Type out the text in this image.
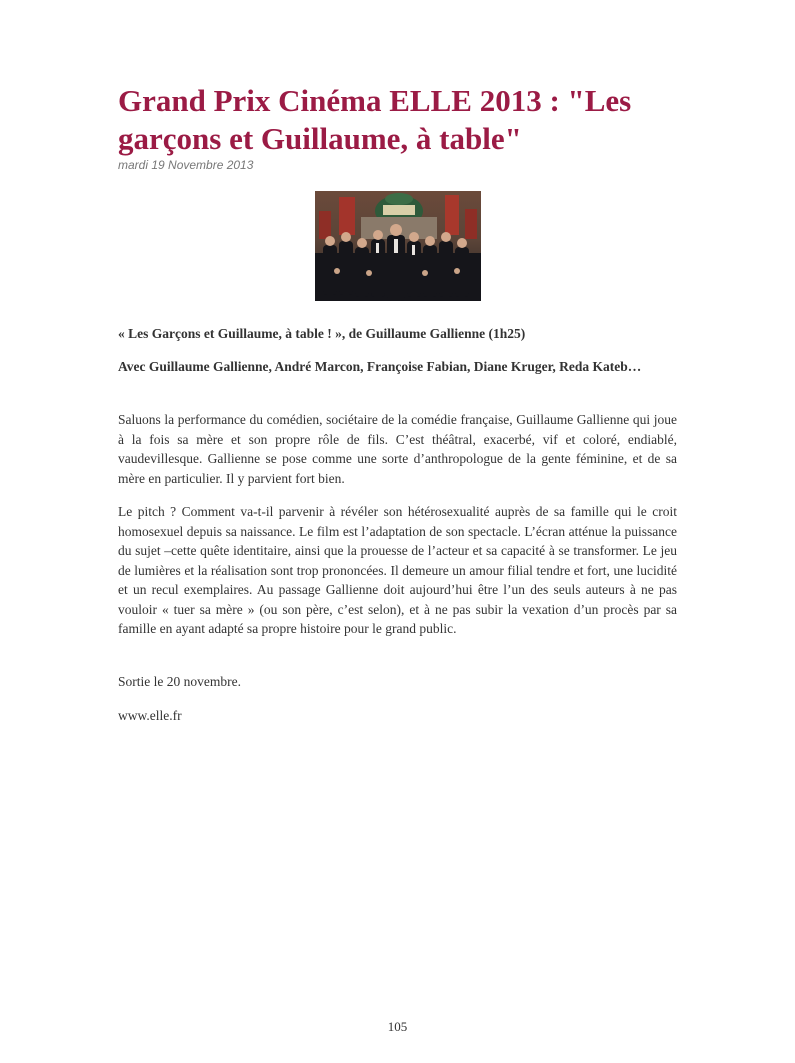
Grand Prix Cinéma ELLE 2013 : "Les garçons et Guillaume, à table"

mardi 19 Novembre 2013

« Les Garçons et Guillaume, à table ! », de Guillaume Gallienne (1h25)

Avec Guillaume Gallienne, André Marcon, Françoise Fabian, Diane Kruger, Reda Kateb…

Saluons la performance du comédien, sociétaire de la comédie française, Guillaume Gallienne qui joue à la fois sa mère et son propre rôle de fils. C’est théâtral, exacerbé, vif et coloré, endiablé, vaudevillesque. Gallienne se pose comme une sorte d’anthropologue de la gente féminine, et de sa mère en particulier. Il y parvient fort bien.

Le pitch ? Comment va-t-il parvenir à révéler son hétérosexualité auprès de sa famille qui le croit homosexuel depuis sa naissance. Le film est l’adaptation de son spectacle. L’écran atténue la puissance du sujet –cette quête identitaire, ainsi que la prouesse de l’acteur et sa capacité à se transformer. Le jeu de lumières et la réalisation sont trop prononcées. Il demeure un amour filial tendre et fort, une lucidité et un recul exemplaires. Au passage Gallienne doit aujourd’hui être l’un des seuls auteurs à ne pas vouloir « tuer sa mère » (ou son père, c’est selon), et à ne pas subir la vexation d’un procès par sa famille en ayant adapté sa propre histoire pour le grand public.

Sortie le 20 novembre.

www.elle.fr

105
